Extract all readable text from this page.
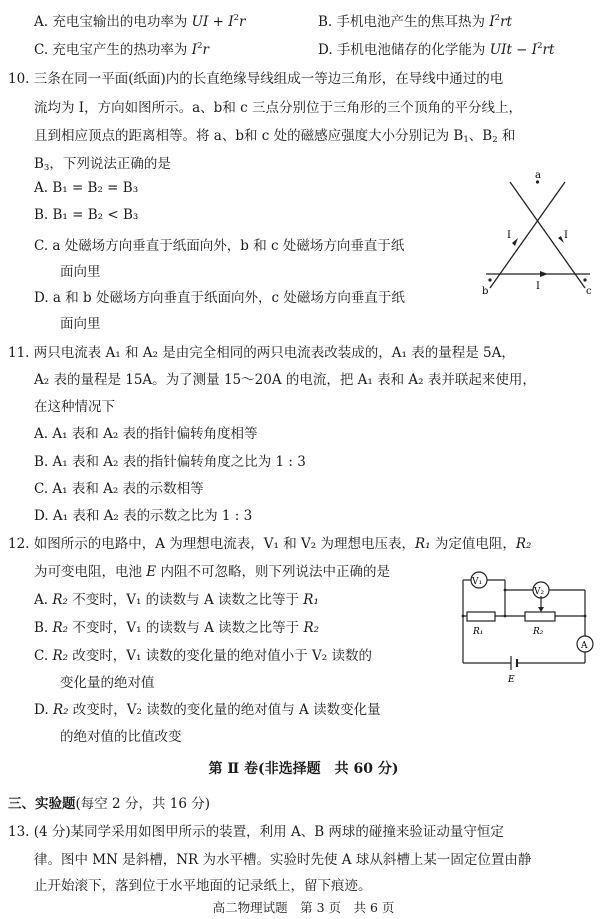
A. 充电宝输出的电功率为 UI + $I^2r$	B. 手机电池产生的焦耳热为 $I^2rt$
C. 充电宝产生的热功率为 $I^2r$	D. 手机电池储存的化学能为 UIt − $I^2rt$
10. 三条在同一平面(纸面)内的长直绝缘导线组成一等边三角形，在导线中通过的电
流均为 I，方向如图所示。a、b和 c 三点分别位于三角形的三个顶角的平分线上，
且到相应顶点的距离相等。将 a、b和 c 处的磁感应强度大小分别记为 $B_1$、$B_2$ 和
$B_3$，下列说法正确的是
A. B₁ = B₂ = B₃
B. B₁ = B₂ < B₃
C. a 处磁场方向垂直于纸面向外，b 和 c 处磁场方向垂直于纸
面向里
D. a 和 b 处磁场方向垂直于纸面向外，c 处磁场方向垂直于纸
面向里
a
b	c
I	I
I
11. 两只电流表 A₁ 和 A₂ 是由完全相同的两只电流表改装成的，A₁ 表的量程是 5A，
A₂ 表的量程是 15A。为了测量 15～20A 的电流，把 A₁ 表和 A₂ 表并联起来使用，
在这种情况下
A. A₁ 表和 A₂ 表的指针偏转角度相等
B. A₁ 表和 A₂ 表的指针偏转角度之比为 1 : 3
C. A₁ 表和 A₂ 表的示数相等
D. A₁ 表和 A₂ 表的示数之比为 1 : 3
12. 如图所示的电路中，A 为理想电流表，V₁ 和 V₂ 为理想电压表，R₁ 为定值电阻，R₂
为可变电阻，电池 E 内阻不可忽略，则下列说法中正确的是
A. R₂ 不变时，V₁ 的读数与 A 读数之比等于 R₁
B. R₂ 不变时，V₁ 的读数与 A 读数之比等于 R₂
C. R₂ 改变时，V₁ 读数的变化量的绝对值小于 V₂ 读数的
变化量的绝对值
D. R₂ 改变时，V₂ 读数的变化量的绝对值与 A 读数变化量
的绝对值的比值改变
V₁
V₂
R₁	R₂
A
E
第 Ⅱ 卷(非选择题　共 60 分)
三、实验题(每空 2 分，共 16 分)
13. (4 分)某同学采用如图甲所示的装置，利用 A、B 两球的碰撞来验证动量守恒定
律。图中 MN 是斜槽，NR 为水平槽。实验时先使 A 球从斜槽上某一固定位置由静
止开始滚下，落到位于水平地面的记录纸上，留下痕迹。
高二物理试题　第 3 页　共 6 页
